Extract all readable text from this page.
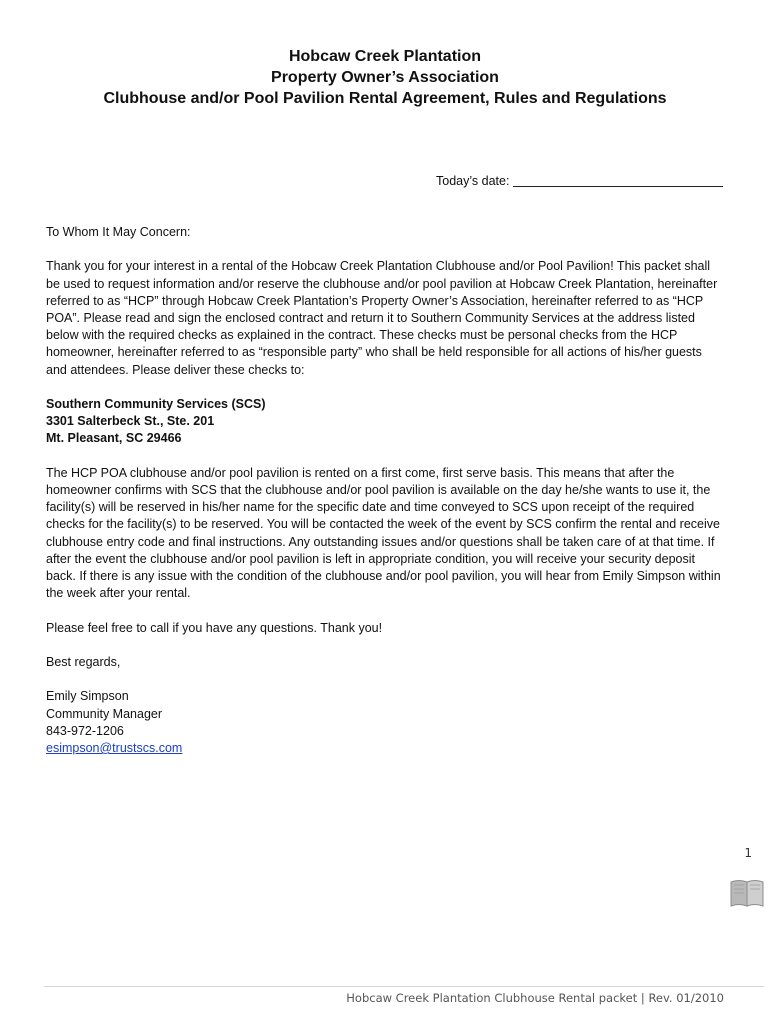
Hobcaw Creek Plantation
Property Owner’s Association
Clubhouse and/or Pool Pavilion Rental Agreement, Rules and Regulations
Today’s date:

To Whom It May Concern:

Thank you for your interest in a rental of the Hobcaw Creek Plantation Clubhouse and/or Pool Pavilion! This packet shall be used to request information and/or reserve the clubhouse and/or pool pavilion at Hobcaw Creek Plantation, hereinafter referred to as “HCP” through Hobcaw Creek Plantation’s Property Owner’s Association, hereinafter referred to as “HCP POA”. Please read and sign the enclosed contract and return it to Southern Community Services at the address listed below with the required checks as explained in the contract. These checks must be personal checks from the HCP homeowner, hereinafter referred to as “responsible party” who shall be held responsible for all actions of his/her guests and attendees. Please deliver these checks to:

Southern Community Services (SCS)
3301 Salterbeck St., Ste. 201
Mt. Pleasant, SC 29466

The HCP POA clubhouse and/or pool pavilion is rented on a first come, first serve basis. This means that after the homeowner confirms with SCS that the clubhouse and/or pool pavilion is available on the day he/she wants to use it, the facility(s) will be reserved in his/her name for the specific date and time conveyed to SCS upon receipt of the required checks for the facility(s) to be reserved. You will be contacted the week of the event by SCS confirm the rental and receive clubhouse entry code and final instructions. Any outstanding issues and/or questions shall be taken care of at that time. If after the event the clubhouse and/or pool pavilion is left in appropriate condition, you will receive your security deposit back. If there is any issue with the condition of the clubhouse and/or pool pavilion, you will hear from Emily Simpson within the week after your rental.

Please feel free to call if you have any questions. Thank you!

Best regards,

Emily Simpson
Community Manager
843-972-1206
esimpson@trustscs.com

1
Hobcaw Creek Plantation Clubhouse Rental packet | Rev. 01/2010
